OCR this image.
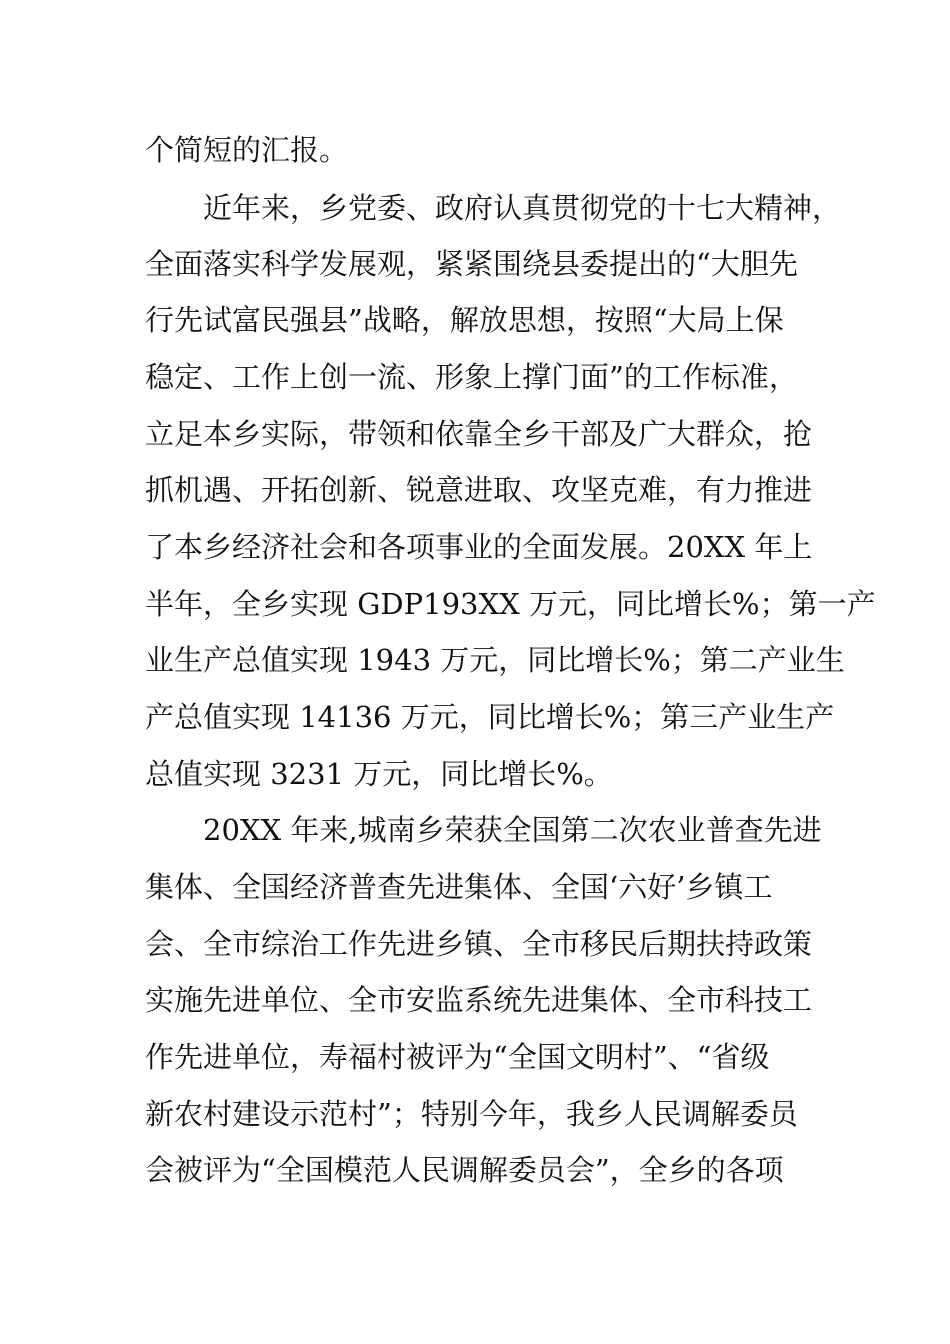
个简短的汇报。
近年来，乡党委、政府认真贯彻党的十七大精神，
全面落实科学发展观，紧紧围绕县委提出的“大胆先
行先试富民强县”战略，解放思想，按照“大局上保
稳定、工作上创一流、形象上撑门面”的工作标准，
立足本乡实际，带领和依靠全乡干部及广大群众，抢
抓机遇、开拓创新、锐意进取、攻坚克难，有力推进
了本乡经济社会和各项事业的全面发展。20XX 年上
半年，全乡实现 GDP193XX 万元，同比增长%；第一产
业生产总值实现 1943 万元，同比增长%；第二产业生
产总值实现 14136 万元，同比增长%；第三产业生产
总值实现 3231 万元，同比增长%。
20XX 年来,城南乡荣获全国第二次农业普查先进
集体、全国经济普查先进集体、全国‘六好’乡镇工
会、全市综治工作先进乡镇、全市移民后期扶持政策
实施先进单位、全市安监系统先进集体、全市科技工
作先进单位，寿福村被评为“全国文明村”、“省级
新农村建设示范村”；特别今年，我乡人民调解委员
会被评为“全国模范人民调解委员会”，全乡的各项
